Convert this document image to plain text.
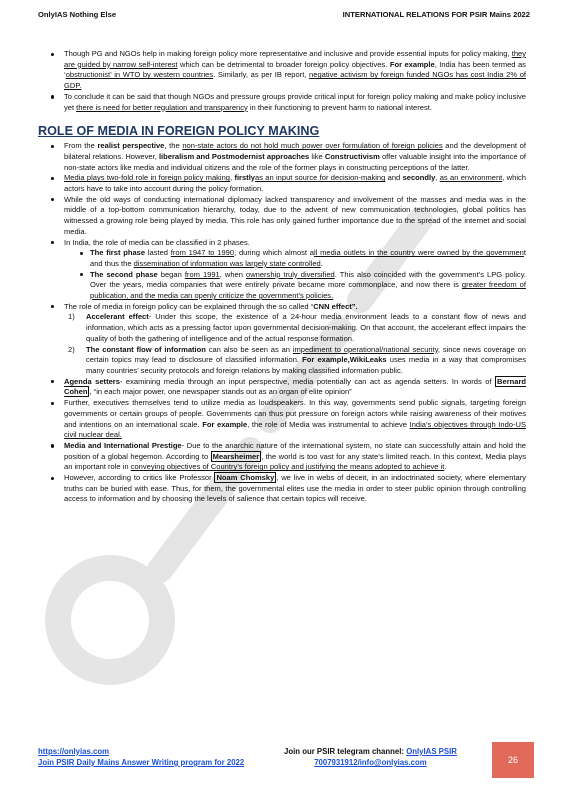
OnlyIAS Nothing Else	INTERNATIONAL RELATIONS FOR PSIR Mains 2022
Though PG and NGOs help in making foreign policy more representative and inclusive and provide essential inputs for policy making, they are guided by narrow self-interest which can be detrimental to broader foreign policy objectives. For example, India has been termed as ‘obstructionist’ in WTO by western countries. Similarly, as per IB report, negative activism by foreign funded NGOs has cost India 2% of GDP.
To conclude it can be said that though NGOs and pressure groups provide critical input for foreign policy making and make policy inclusive yet there is need for better regulation and transparency in their functioning to prevent harm to national interest.
ROLE OF MEDIA IN FOREIGN POLICY MAKING
From the realist perspective, the non-state actors do not hold much power over formulation of foreign policies and the development of bilateral relations. However, liberalism and Postmodernist approaches like Constructivism offer valuable insight into the importance of non-state actors like media and individual citizens and the role of the former plays in constructing perceptions of the latter.
Media plays two-fold role in foreign policy making, firstlyas an input source for decision-making and secondly, as an environment, which actors have to take into account during the policy formation.
While the old ways of conducting international diplomacy lacked transparency and involvement of the masses and media was in the middle of a top-bottom communication hierarchy, today, due to the advent of new communication technologies, global politics has witnessed a growing role being played by media. This role has only gained further importance due to the spread of the internet and social media.
In India, the role of media can be classified in 2 phases.
The first phase lasted from 1947 to 1990, during which almost all media outlets in the country were owned by the government and thus the dissemination of information was largely state controlled.
The second phase began from 1991, when ownership truly diversified. This also coincided with the government’s LPG policy. Over the years, media companies that were entirely private became more commonplace, and now there is greater freedom of publication, and the media can openly criticize the government’s policies.
The role of media in foreign policy can be explained through the so called “CNN effect”.
1) Accelerant effect- Under this scope, the existence of a 24-hour media environment leads to a constant flow of news and information, which acts as a pressing factor upon governmental decision-making. On that account, the accelerant effect impairs the quality of both the gathering of intelligence and of the actual response formation.
2) The constant flow of information can also be seen as an impediment to operational/national security, since news coverage on certain topics may lead to disclosure of classified information. For example,WikiLeaks uses media in a way that compromises many countries’ security protocols and foreign relations by making classified information public.
Agenda setters- examining media through an input perspective, media potentially can act as agenda setters. In words of Bernard Cohen , “in each major power, one newspaper stands out as an organ of elite opinion”
Further, executives themselves tend to utilize media as loudspeakers. In this way, governments send public signals, targeting foreign governments or certain groups of people. Governments can thus put pressure on foreign actors while raising awareness of their motives and intentions on an international scale. For example, the role of Media was instrumental to achieve India’s objectives through Indo-US civil nuclear deal.
Media and International Prestige- Due to the anarchic nature of the international system, no state can successfully attain and hold the position of a global hegemon. According to Mearsheimer , the world is too vast for any state’s limited reach. In this context, Media plays an important role in conveying objectives of Country’s foreign policy and justifying the means adopted to achieve it.
However, according to critics like Professor Noam Chomsky , we live in webs of deceit, in an indoctrinated society, where elementary truths can be buried with ease. Thus, for them, the governmental elites use the media in order to steer public opinion through controlling access to information and by choosing the levels of salience that certain topics will receive.
https://onlyias.com
Join PSIR Daily Mains Answer Writing program for 2022
Join our PSIR telegram channel: OnlyIAS PSIR
7007931912/info@onlyias.com	26
